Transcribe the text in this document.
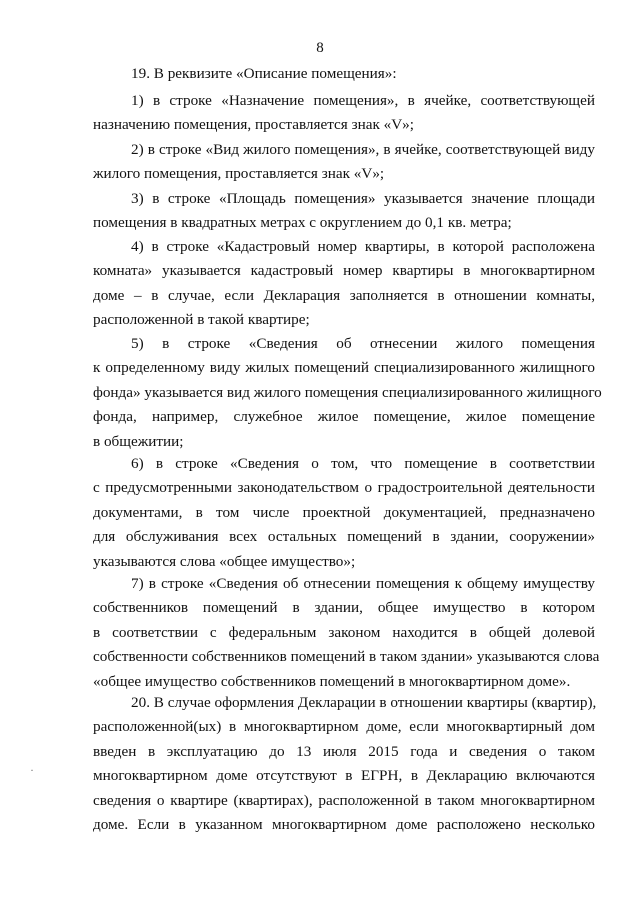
8
19. В реквизите «Описание помещения»:
1) в строке «Назначение помещения», в ячейке, соответствующей
назначению помещения, проставляется знак «V»;
2) в строке «Вид жилого помещения», в ячейке, соответствующей виду
жилого помещения, проставляется знак «V»;
3) в строке «Площадь помещения» указывается значение площади
помещения в квадратных метрах с округлением до 0,1 кв. метра;
4) в строке «Кадастровый номер квартиры, в которой расположена
комната» указывается кадастровый номер квартиры в многоквартирном
доме – в случае, если Декларация заполняется в отношении комнаты,
расположенной в такой квартире;
5) в строке «Сведения об отнесении жилого помещения
к определенному виду жилых помещений специализированного жилищного
фонда» указывается вид жилого помещения специализированного жилищного
фонда, например, служебное жилое помещение, жилое помещение
в общежитии;
6) в строке «Сведения о том, что помещение в соответствии
с предусмотренными законодательством о градостроительной деятельности
документами, в том числе проектной документацией, предназначено
для обслуживания всех остальных помещений в здании, сооружении»
указываются слова «общее имущество»;
7) в строке «Сведения об отнесении помещения к общему имуществу
собственников помещений в здании, общее имущество в котором
в соответствии с федеральным законом находится в общей долевой
собственности собственников помещений в таком здании» указываются слова
«общее имущество собственников помещений в многоквартирном доме».
20. В случае оформления Декларации в отношении квартиры (квартир),
расположенной(ых) в многоквартирном доме, если многоквартирный дом
введен в эксплуатацию до 13 июля 2015 года и сведения о таком
многоквартирном доме отсутствуют в ЕГРН, в Декларацию включаются
сведения о квартире (квартирах), расположенной в таком многоквартирном
доме. Если в указанном многоквартирном доме расположено несколько
·
